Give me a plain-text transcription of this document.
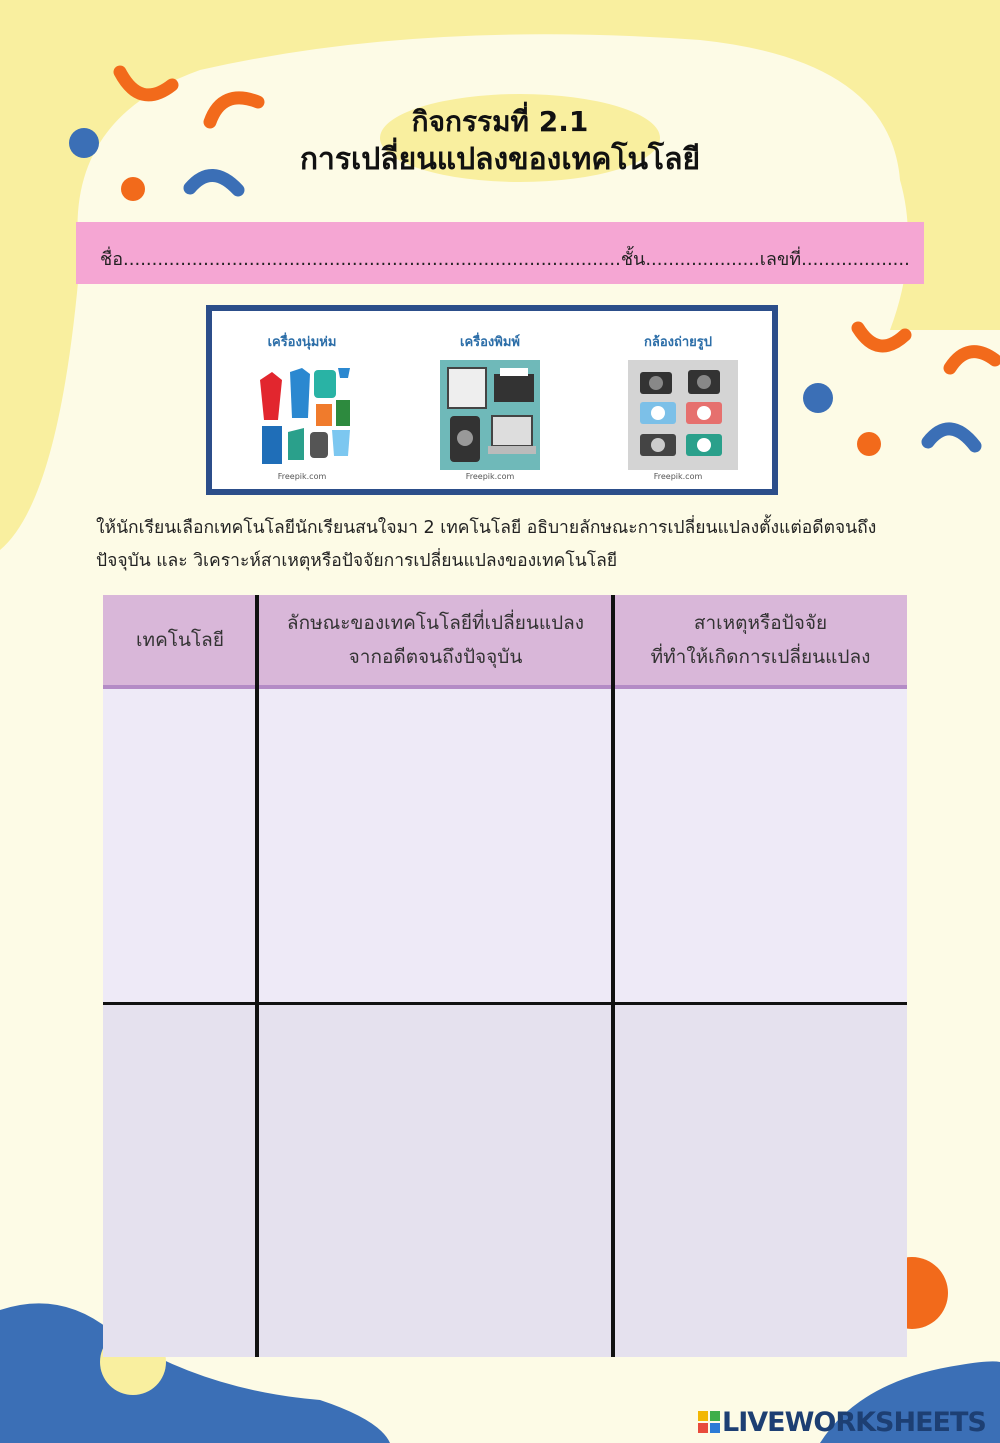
กิจกรรมที่ 2.1
การเปลี่ยนแปลงของเทคโนโลยี
ชื่อ.......................................................................................ชั้น....................เลขที่...................
เครื่องนุ่มห่ม
Freepik.com
เครื่องพิมพ์
Freepik.com
กล้องถ่ายรูป
Freepik.com
ให้นักเรียนเลือกเทคโนโลยีนักเรียนสนใจมา 2 เทคโนโลยี อธิบายลักษณะการเปลี่ยนแปลงตั้งแต่อดีตจนถึง
ปัจจุบัน และ วิเคราะห์สาเหตุหรือปัจจัยการเปลี่ยนแปลงของเทคโนโลยี
เทคโนโลยี
ลักษณะของเทคโนโลยีที่เปลี่ยนแปลง
จากอดีตจนถึงปัจจุบัน
สาเหตุหรือปัจจัย
ที่ทำให้เกิดการเปลี่ยนแปลง
LIVEWORKSHEETS
